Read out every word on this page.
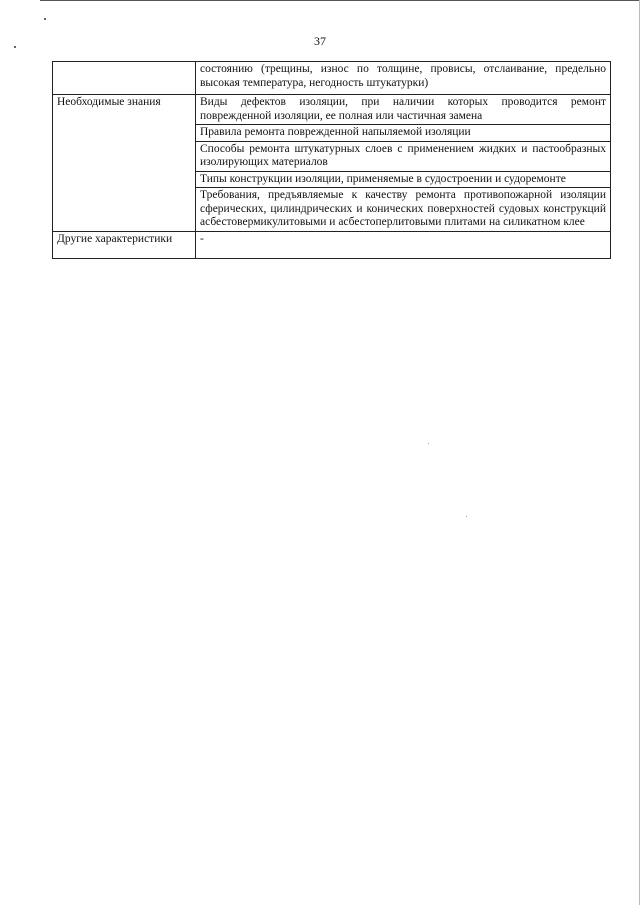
37
	состоянию (трещины, износ по толщине, провисы, отслаивание, предельно высокая температура, негодность штукатурки)
Необходимые знания	Виды дефектов изоляции, при наличии которых проводится ремонт поврежденной изоляции, ее полная или частичная замена
	Правила ремонта поврежденной напыляемой изоляции
	Способы ремонта штукатурных слоев с применением жидких и пастообразных изолирующих материалов
	Типы конструкции изоляции, применяемые в судостроении и судоремонте
	Требования, предъявляемые к качеству ремонта противопожарной изоляции сферических, цилиндрических и конических поверхностей судовых конструкций асбестовермикулитовыми и асбестоперлитовыми плитами на силикатном клее
Другие характеристики	-
